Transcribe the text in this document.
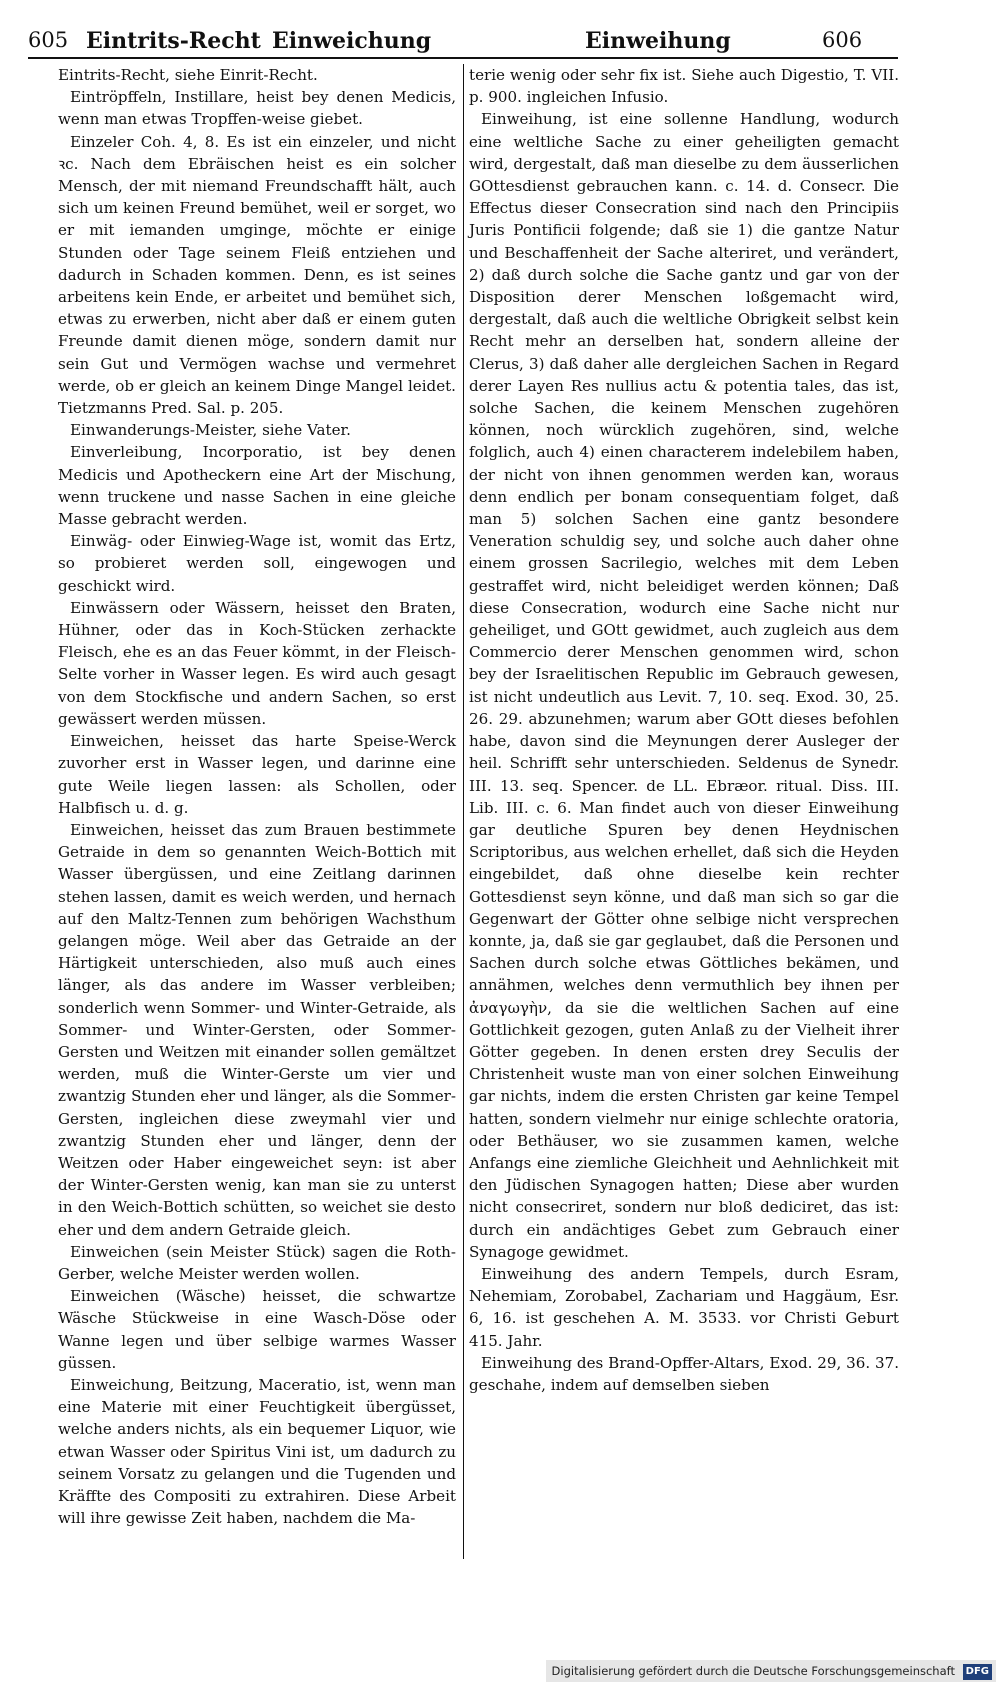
605 Eintrits-Recht Einweichung	Einweihung	606

Eintrits-Recht, siehe Einrit-Recht.

Eintröpffeln, Instillare, heist bey denen Medicis, wenn man etwas Tropffen-weise giebet.

Einzeler Coh. 4, 8. Es ist ein einzeler, und nicht ꝛc. Nach dem Ebräischen heist es ein solcher Mensch, der mit niemand Freundschafft hält, auch sich um keinen Freund bemühet, weil er sorget, wo er mit iemanden umginge, möchte er einige Stunden oder Tage seinem Fleiß entziehen und dadurch in Schaden kommen. Denn, es ist seines arbeitens kein Ende, er arbeitet und bemühet sich, etwas zu erwerben, nicht aber daß er einem guten Freunde damit dienen möge, sondern damit nur sein Gut und Vermögen wachse und vermehret werde, ob er gleich an keinem Dinge Mangel leidet. Tietzmanns Pred. Sal. p. 205.

Einwanderungs-Meister, siehe Vater.

Einverleibung, Incorporatio, ist bey denen Medicis und Apotheckern eine Art der Mischung, wenn truckene und nasse Sachen in eine gleiche Masse gebracht werden.

Einwäg- oder Einwieg-Wage ist, womit das Ertz, so probieret werden soll, eingewogen und geschickt wird.

Einwässern oder Wässern, heisset den Braten, Hühner, oder das in Koch-Stücken zerhackte Fleisch, ehe es an das Feuer kömmt, in der Fleisch-Selte vorher in Wasser legen. Es wird auch gesagt von dem Stockfische und andern Sachen, so erst gewässert werden müssen.

Einweichen, heisset das harte Speise-Werck zuvorher erst in Wasser legen, und darinne eine gute Weile liegen lassen: als Schollen, oder Halbfisch u. d. g.

Einweichen, heisset das zum Brauen bestimmete Getraide in dem so genannten Weich-Bottich mit Wasser übergüssen, und eine Zeitlang darinnen stehen lassen, damit es weich werden, und hernach auf den Maltz-Tennen zum behörigen Wachsthum gelangen möge. Weil aber das Getraide an der Härtigkeit unterschieden, also muß auch eines länger, als das andere im Wasser verbleiben; sonderlich wenn Sommer- und Winter-Getraide, als Sommer- und Winter-Gersten, oder Sommer- Gersten und Weitzen mit einander sollen gemältzet werden, muß die Winter-Gerste um vier und zwantzig Stunden eher und länger, als die Sommer-Gersten, ingleichen diese zweymahl vier und zwantzig Stunden eher und länger, denn der Weitzen oder Haber eingeweichet seyn: ist aber der Winter-Gersten wenig, kan man sie zu unterst in den Weich-Bottich schütten, so weichet sie desto eher und dem andern Getraide gleich.

Einweichen (sein Meister Stück) sagen die Roth-Gerber, welche Meister werden wollen.

Einweichen (Wäsche) heisset, die schwartze Wäsche Stückweise in eine Wasch-Döse oder Wanne legen und über selbige warmes Wasser güssen.

Einweichung, Beitzung, Maceratio, ist, wenn man eine Materie mit einer Feuchtigkeit übergüsset, welche anders nichts, als ein bequemer Liquor, wie etwan Wasser oder Spiritus Vini ist, um dadurch zu seinem Vorsatz zu gelangen und die Tugenden und Kräffte des Compositi zu extrahiren. Diese Arbeit will ihre gewisse Zeit haben, nachdem die Ma-

terie wenig oder sehr fix ist. Siehe auch Digestio, T. VII. p. 900. ingleichen Infusio.

Einweihung, ist eine sollenne Handlung, wodurch eine weltliche Sache zu einer geheiligten gemacht wird, dergestalt, daß man dieselbe zu dem äusserlichen GOttesdienst gebrauchen kann. c. 14. d. Consecr. Die Effectus dieser Consecration sind nach den Principiis Juris Pontificii folgende; daß sie 1) die gantze Natur und Beschaffenheit der Sache alteriret, und verändert, 2) daß durch solche die Sache gantz und gar von der Disposition derer Menschen loßgemacht wird, dergestalt, daß auch die weltliche Obrigkeit selbst kein Recht mehr an derselben hat, sondern alleine der Clerus, 3) daß daher alle dergleichen Sachen in Regard derer Layen Res nullius actu & potentia tales, das ist, solche Sachen, die keinem Menschen zugehören können, noch würcklich zugehören, sind, welche folglich, auch 4) einen characterem indelebilem haben, der nicht von ihnen genommen werden kan, woraus denn endlich per bonam consequentiam folget, daß man 5) solchen Sachen eine gantz besondere Veneration schuldig sey, und solche auch daher ohne einem grossen Sacrilegio, welches mit dem Leben gestraffet wird, nicht beleidiget werden können; Daß diese Consecration, wodurch eine Sache nicht nur geheiliget, und GOtt gewidmet, auch zugleich aus dem Commercio derer Menschen genommen wird, schon bey der Israelitischen Republic im Gebrauch gewesen, ist nicht undeutlich aus Levit. 7, 10. seq. Exod. 30, 25. 26. 29. abzunehmen; warum aber GOtt dieses befohlen habe, davon sind die Meynungen derer Ausleger der heil. Schrifft sehr unterschieden. Seldenus de Synedr. III. 13. seq. Spencer. de LL. Ebræor. ritual. Diss. III. Lib. III. c. 6. Man findet auch von dieser Einweihung gar deutliche Spuren bey denen Heydnischen Scriptoribus, aus welchen erhellet, daß sich die Heyden eingebildet, daß ohne dieselbe kein rechter Gottesdienst seyn könne, und daß man sich so gar die Gegenwart der Götter ohne selbige nicht versprechen konnte, ja, daß sie gar geglaubet, daß die Personen und Sachen durch solche etwas Göttliches bekämen, und annähmen, welches denn vermuthlich bey ihnen per ἀναγωγὴν, da sie die weltlichen Sachen auf eine Gottlichkeit gezogen, guten Anlaß zu der Vielheit ihrer Götter gegeben. In denen ersten drey Seculis der Christenheit wuste man von einer solchen Einweihung gar nichts, indem die ersten Christen gar keine Tempel hatten, sondern vielmehr nur einige schlechte oratoria, oder Bethäuser, wo sie zusammen kamen, welche Anfangs eine ziemliche Gleichheit und Aehnlichkeit mit den Jüdischen Synagogen hatten; Diese aber wurden nicht consecriret, sondern nur bloß dediciret, das ist: durch ein andächtiges Gebet zum Gebrauch einer Synagoge gewidmet.

Einweihung des andern Tempels, durch Esram, Nehemiam, Zorobabel, Zachariam und Haggäum, Esr. 6, 16. ist geschehen A. M. 3533. vor Christi Geburt 415. Jahr.

Einweihung des Brand-Opffer-Altars, Exod. 29, 36. 37. geschahe, indem auf demselben sieben

Digitalisierung gefördert durch die Deutsche Forschungsgemeinschaft DFG
